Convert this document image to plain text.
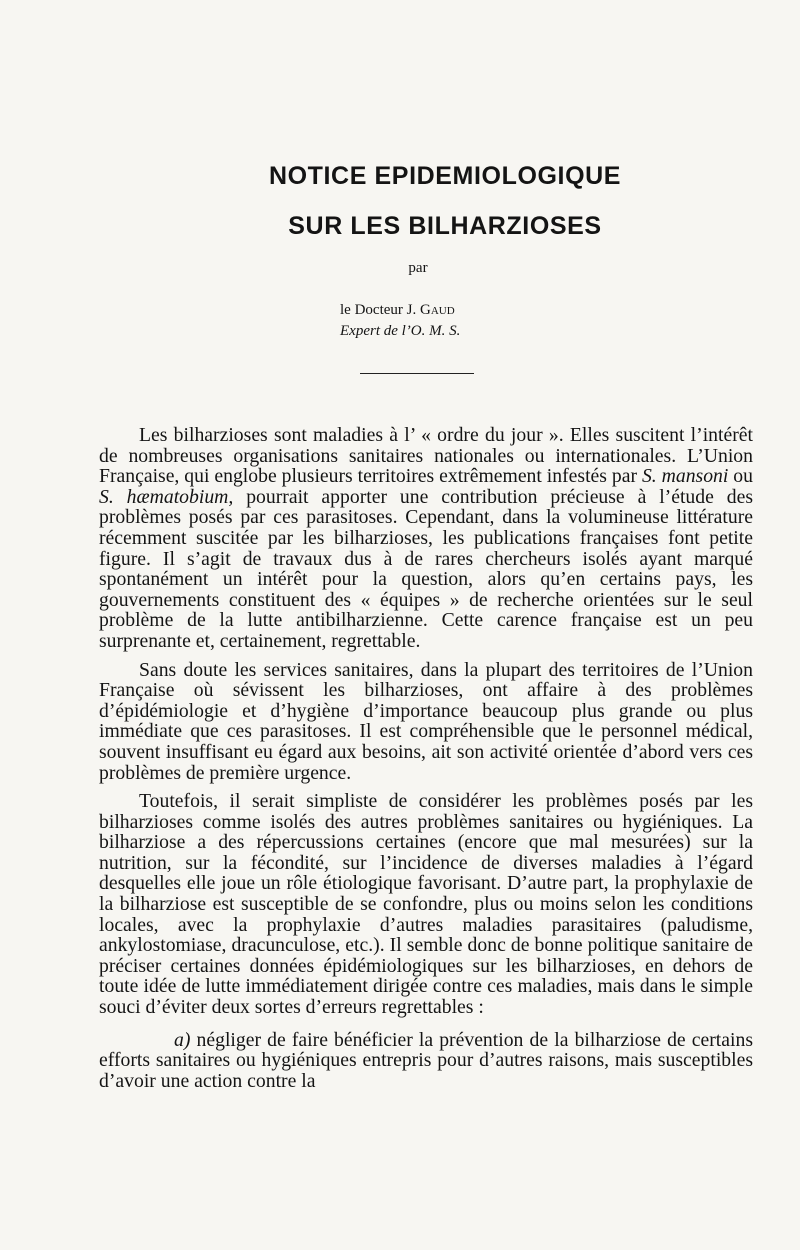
NOTICE EPIDEMIOLOGIQUE
SUR LES BILHARZIOSES
par
le Docteur J. Gaud
Expert de l’O. M. S.

Les bilharzioses sont maladies à l’ « ordre du jour ». Elles suscitent l’intérêt de nombreuses organisations sanitaires nationales ou internationales. L’Union Française, qui englobe plusieurs territoires extrêmement infestés par S. mansoni ou S. hæmatobium, pourrait apporter une contribution précieuse à l’étude des problèmes posés par ces parasitoses. Cependant, dans la volumineuse littérature récemment suscitée par les bilharzioses, les publications françaises font petite figure. Il s’agit de travaux dus à de rares chercheurs isolés ayant marqué spontanément un intérêt pour la question, alors qu’en certains pays, les gouvernements constituent des « équipes » de recherche orientées sur le seul problème de la lutte antibilharzienne. Cette carence française est un peu surprenante et, certainement, regrettable.

Sans doute les services sanitaires, dans la plupart des territoires de l’Union Française où sévissent les bilharzioses, ont affaire à des problèmes d’épidémiologie et d’hygiène d’importance beaucoup plus grande ou plus immédiate que ces parasitoses. Il est compréhensible que le personnel médical, souvent insuffisant eu égard aux besoins, ait son activité orientée d’abord vers ces problèmes de première urgence.

Toutefois, il serait simpliste de considérer les problèmes posés par les bilharzioses comme isolés des autres problèmes sanitaires ou hygiéniques. La bilharziose a des répercussions certaines (encore que mal mesurées) sur la nutrition, sur la fécondité, sur l’incidence de diverses maladies à l’égard desquelles elle joue un rôle étiologique favorisant. D’autre part, la prophylaxie de la bilharziose est susceptible de se confondre, plus ou moins selon les conditions locales, avec la prophylaxie d’autres maladies parasitaires (paludisme, ankylostomiase, dracunculose, etc.). Il semble donc de bonne politique sanitaire de préciser certaines données épidémiologiques sur les bilharzioses, en dehors de toute idée de lutte immédiatement dirigée contre ces maladies, mais dans le simple souci d’éviter deux sortes d’erreurs regrettables :

a) négliger de faire bénéficier la prévention de la bilharziose de certains efforts sanitaires ou hygiéniques entrepris pour d’autres raisons, mais susceptibles d’avoir une action contre la
